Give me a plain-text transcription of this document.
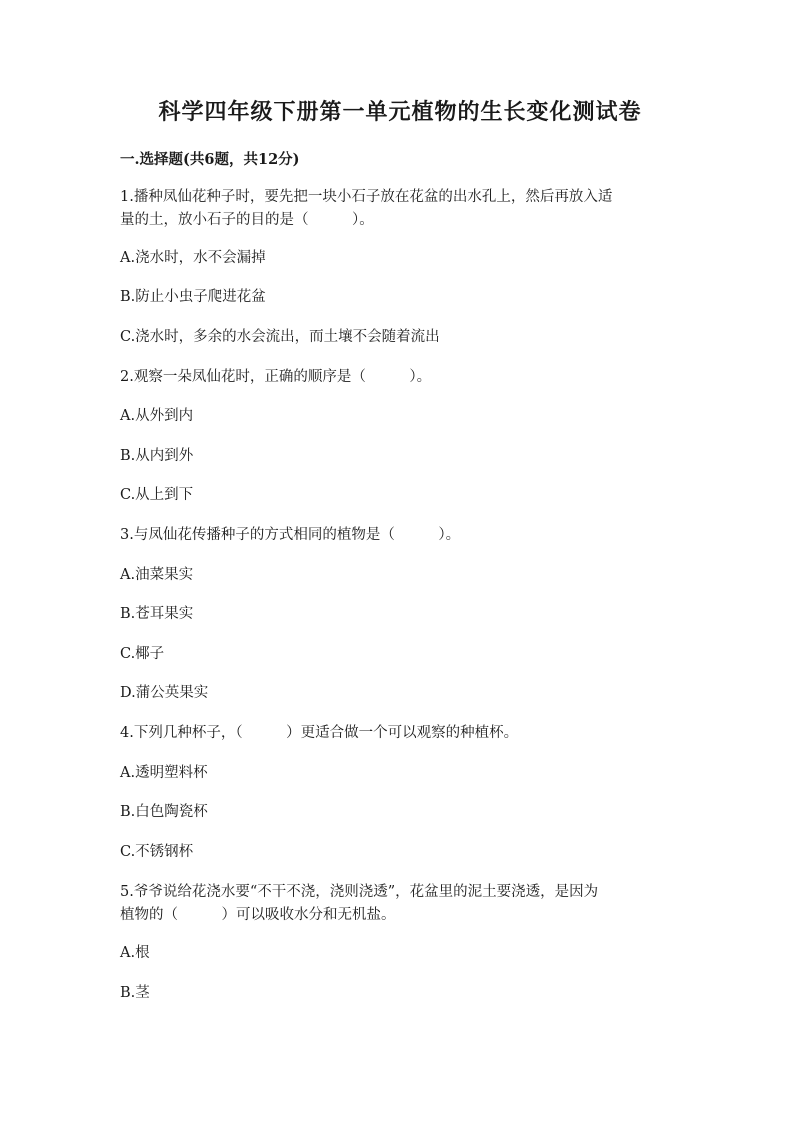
科学四年级下册第一单元植物的生长变化测试卷
一.选择题(共6题，共12分)
1.播种凤仙花种子时，要先把一块小石子放在花盆的出水孔上，然后再放入适
量的土，放小石子的目的是（　　　）。
A.浇水时，水不会漏掉
B.防止小虫子爬进花盆
C.浇水时，多余的水会流出，而土壤不会随着流出
2.观察一朵凤仙花时，正确的顺序是（　　　）。
A.从外到内
B.从内到外
C.从上到下
3.与凤仙花传播种子的方式相同的植物是（　　　）。
A.油菜果实
B.苍耳果实
C.椰子
D.蒲公英果实
4.下列几种杯子，（　　　）更适合做一个可以观察的种植杯。
A.透明塑料杯
B.白色陶瓷杯
C.不锈钢杯
5.爷爷说给花浇水要“不干不浇，浇则浇透”，花盆里的泥土要浇透，是因为
植物的（　　　）可以吸收水分和无机盐。
A.根
B.茎
